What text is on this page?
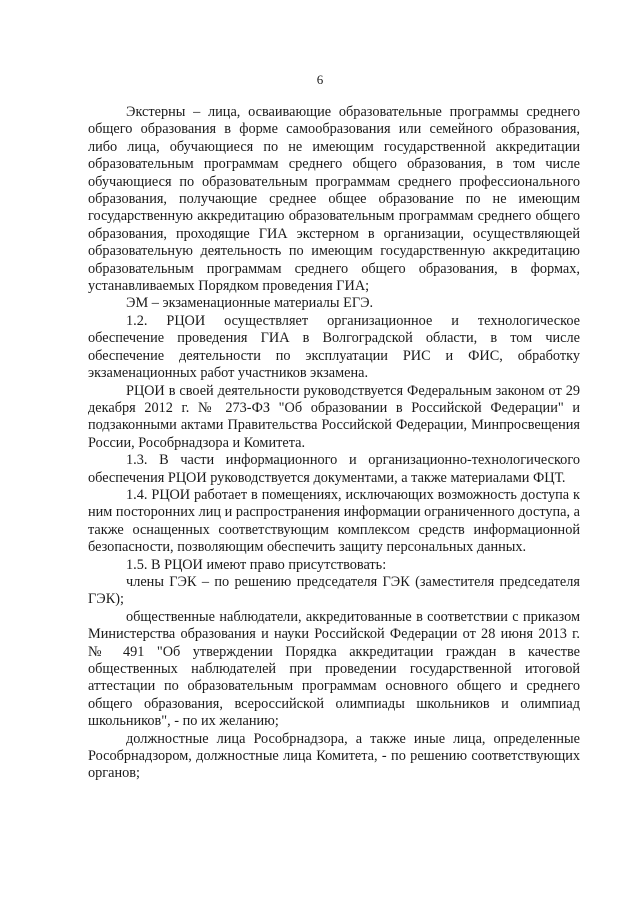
6

Экстерны – лица, осваивающие образовательные программы среднего общего образования в форме самообразования или семейного образования, либо лица, обучающиеся по не имеющим государственной аккредитации образовательным программам среднего общего образования, в том числе обучающиеся по образовательным программам среднего профессионального образования, получающие среднее общее образование по не имеющим государственную аккредитацию образовательным программам среднего общего образования, проходящие ГИА экстерном в организации, осуществляющей образовательную деятельность по имеющим государственную аккредитацию образовательным программам среднего общего образования, в формах, устанавливаемых Порядком проведения ГИА;

ЭМ – экзаменационные материалы ЕГЭ.

1.2. РЦОИ осуществляет организационное и технологическое обеспечение проведения ГИА в Волгоградской области, в том числе обеспечение деятельности по эксплуатации РИС и ФИС, обработку экзаменационных работ участников экзамена.

РЦОИ в своей деятельности руководствуется Федеральным законом от 29 декабря 2012 г. № 273-ФЗ "Об образовании в Российской Федерации" и подзаконными актами Правительства Российской Федерации, Минпросвещения России, Рособрнадзора и Комитета.

1.3. В части информационного и организационно-технологического обеспечения РЦОИ руководствуется документами, а также материалами ФЦТ.

1.4. РЦОИ работает в помещениях, исключающих возможность доступа к ним посторонних лиц и распространения информации ограниченного доступа, а также оснащенных соответствующим комплексом средств информационной безопасности, позволяющим обеспечить защиту персональных данных.

1.5. В РЦОИ имеют право присутствовать:

члены ГЭК – по решению председателя ГЭК (заместителя председателя ГЭК);

общественные наблюдатели, аккредитованные в соответствии с приказом Министерства образования и науки Российской Федерации от 28 июня 2013 г. № 491 "Об утверждении Порядка аккредитации граждан в качестве общественных наблюдателей при проведении государственной итоговой аттестации по образовательным программам основного общего и среднего общего образования, всероссийской олимпиады школьников и олимпиад школьников", - по их желанию;

должностные лица Рособрнадзора, а также иные лица, определенные Рособрнадзором, должностные лица Комитета, - по решению соответствующих органов;
